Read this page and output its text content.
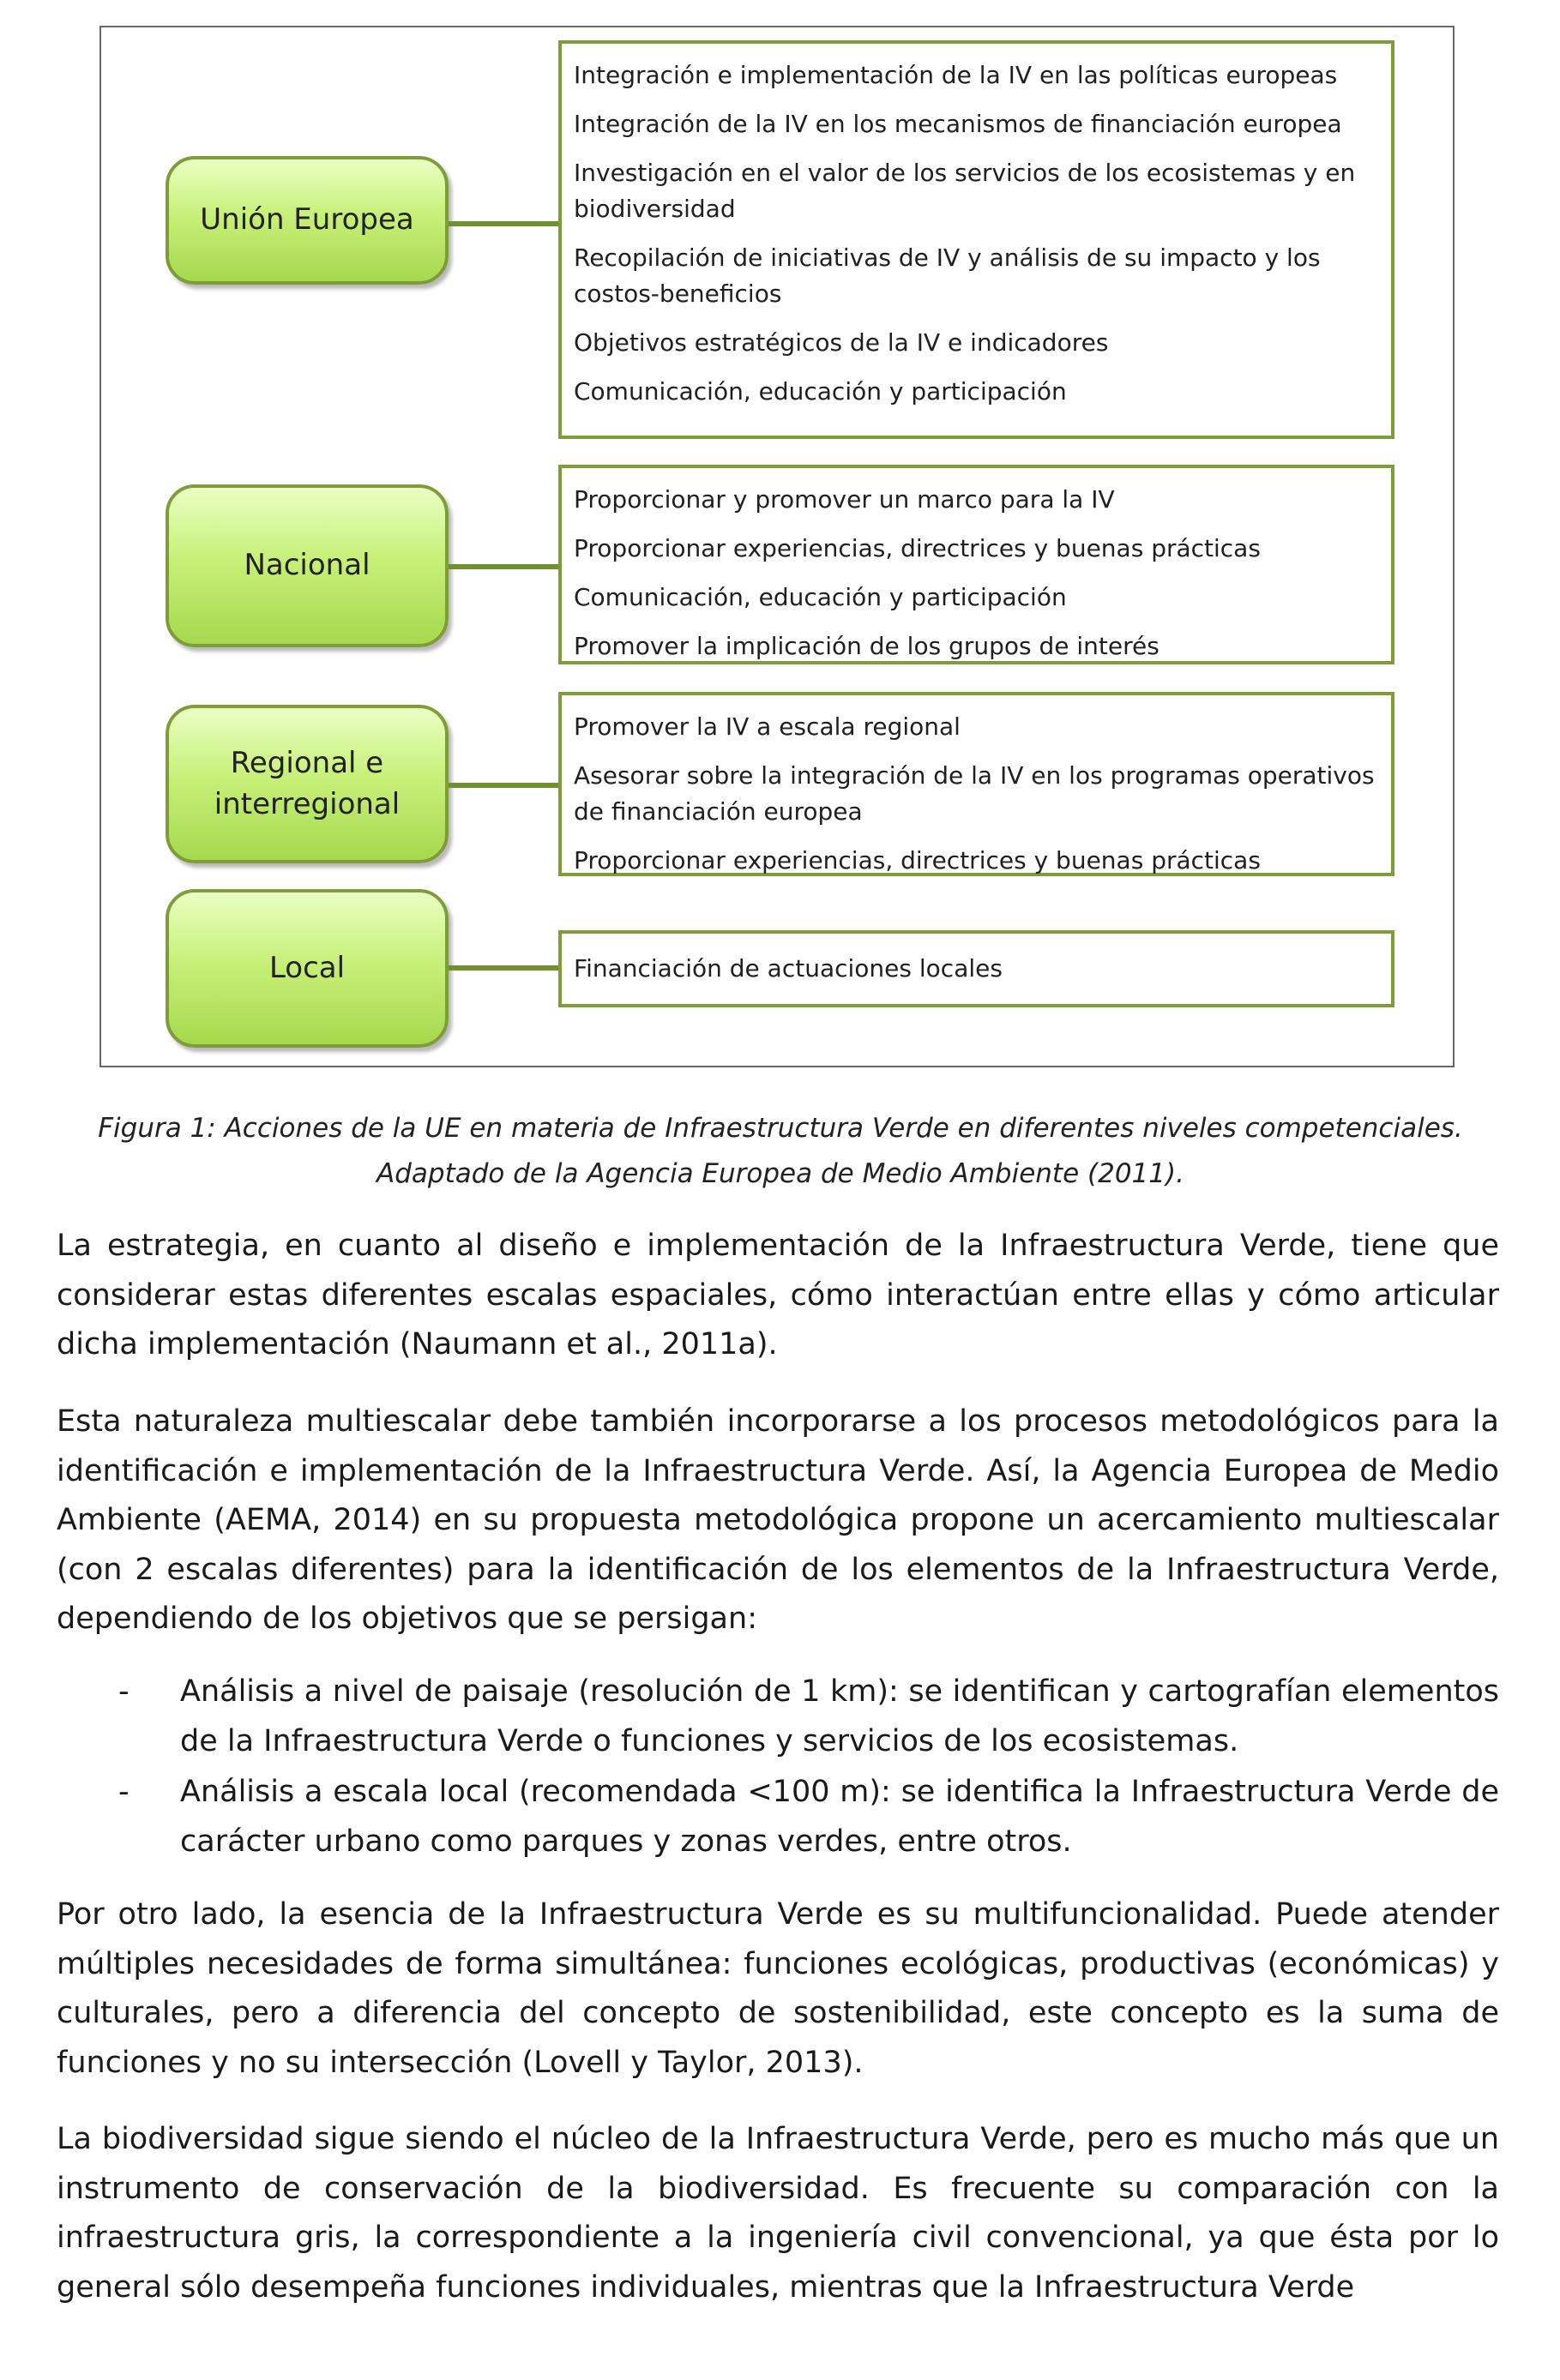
Unión Europea
Integración e implementación de la IV en las políticas europeas
Integración de la IV en los mecanismos de financiación europea
Investigación en el valor de los servicios de los ecosistemas y en biodiversidad
Recopilación de iniciativas de IV y análisis de su impacto y los costos-beneficios
Objetivos estratégicos de la IV e indicadores
Comunicación, educación y participación
Nacional
Proporcionar y promover un marco para la IV
Proporcionar experiencias, directrices y buenas prácticas
Comunicación, educación y participación
Promover la implicación de los grupos de interés
Regional e interregional
Promover la IV a escala regional
Asesorar sobre la integración de la IV en los programas operativos de financiación europea
Proporcionar experiencias, directrices y buenas prácticas
Local	Financiación de actuaciones locales
Figura 1: Acciones de la UE en materia de Infraestructura Verde en diferentes niveles competenciales.
Adaptado de la Agencia Europea de Medio Ambiente (2011).
La estrategia, en cuanto al diseño e implementación de la Infraestructura Verde, tiene que considerar estas diferentes escalas espaciales, cómo interactúan entre ellas y cómo articular dicha implementación (Naumann et al., 2011a).
Esta naturaleza multiescalar debe también incorporarse a los procesos metodológicos para la identificación e implementación de la Infraestructura Verde. Así, la Agencia Europea de Medio Ambiente (AEMA, 2014) en su propuesta metodológica propone un acercamiento multiescalar (con 2 escalas diferentes) para la identificación de los elementos de la Infraestructura Verde, dependiendo de los objetivos que se persigan:
- Análisis a nivel de paisaje (resolución de 1 km): se identifican y cartografían elementos de la Infraestructura Verde o funciones y servicios de los ecosistemas.
- Análisis a escala local (recomendada <100 m): se identifica la Infraestructura Verde de carácter urbano como parques y zonas verdes, entre otros.
Por otro lado, la esencia de la Infraestructura Verde es su multifuncionalidad. Puede atender múltiples necesidades de forma simultánea: funciones ecológicas, productivas (económicas) y culturales, pero a diferencia del concepto de sostenibilidad, este concepto es la suma de funciones y no su intersección (Lovell y Taylor, 2013).
La biodiversidad sigue siendo el núcleo de la Infraestructura Verde, pero es mucho más que un instrumento de conservación de la biodiversidad. Es frecuente su comparación con la infraestructura gris, la correspondiente a la ingeniería civil convencional, ya que ésta por lo general sólo desempeña funciones individuales, mientras que la Infraestructura Verde
